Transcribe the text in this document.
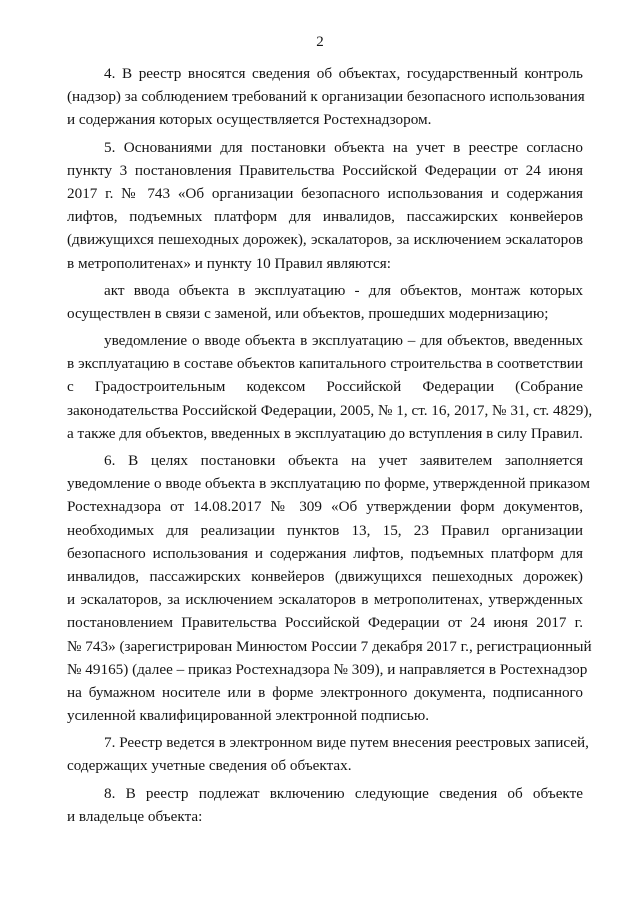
2
4. В реестр вносятся сведения об объектах, государственный контроль
(надзор) за соблюдением требований к организации безопасного использования
и содержания которых осуществляется Ростехнадзором.
5. Основаниями для постановки объекта на учет в реестре согласно
пункту 3 постановления Правительства Российской Федерации от 24 июня
2017 г. № 743 «Об организации безопасного использования и содержания
лифтов, подъемных платформ для инвалидов, пассажирских конвейеров
(движущихся пешеходных дорожек), эскалаторов, за исключением эскалаторов
в метрополитенах» и пункту 10 Правил являются:
акт ввода объекта в эксплуатацию - для объектов, монтаж которых
осуществлен в связи с заменой, или объектов, прошедших модернизацию;
уведомление о вводе объекта в эксплуатацию – для объектов, введенных
в эксплуатацию в составе объектов капитального строительства в соответствии
с Градостроительным кодексом Российской Федерации (Собрание
законодательства Российской Федерации, 2005, № 1, ст. 16, 2017, № 31, ст. 4829),
а также для объектов, введенных в эксплуатацию до вступления в силу Правил.
6. В целях постановки объекта на учет заявителем заполняется
уведомление о вводе объекта в эксплуатацию по форме, утвержденной приказом
Ростехнадзора от 14.08.2017 № 309 «Об утверждении форм документов,
необходимых для реализации пунктов 13, 15, 23 Правил организации
безопасного использования и содержания лифтов, подъемных платформ для
инвалидов, пассажирских конвейеров (движущихся пешеходных дорожек)
и эскалаторов, за исключением эскалаторов в метрополитенах, утвержденных
постановлением Правительства Российской Федерации от 24 июня 2017 г.
№ 743» (зарегистрирован Минюстом России 7 декабря 2017 г., регистрационный
№ 49165) (далее – приказ Ростехнадзора № 309), и направляется в Ростехнадзор
на бумажном носителе или в форме электронного документа, подписанного
усиленной квалифицированной электронной подписью.
7. Реестр ведется в электронном виде путем внесения реестровых записей,
содержащих учетные сведения об объектах.
8. В реестр подлежат включению следующие сведения об объекте
и владельце объекта:
